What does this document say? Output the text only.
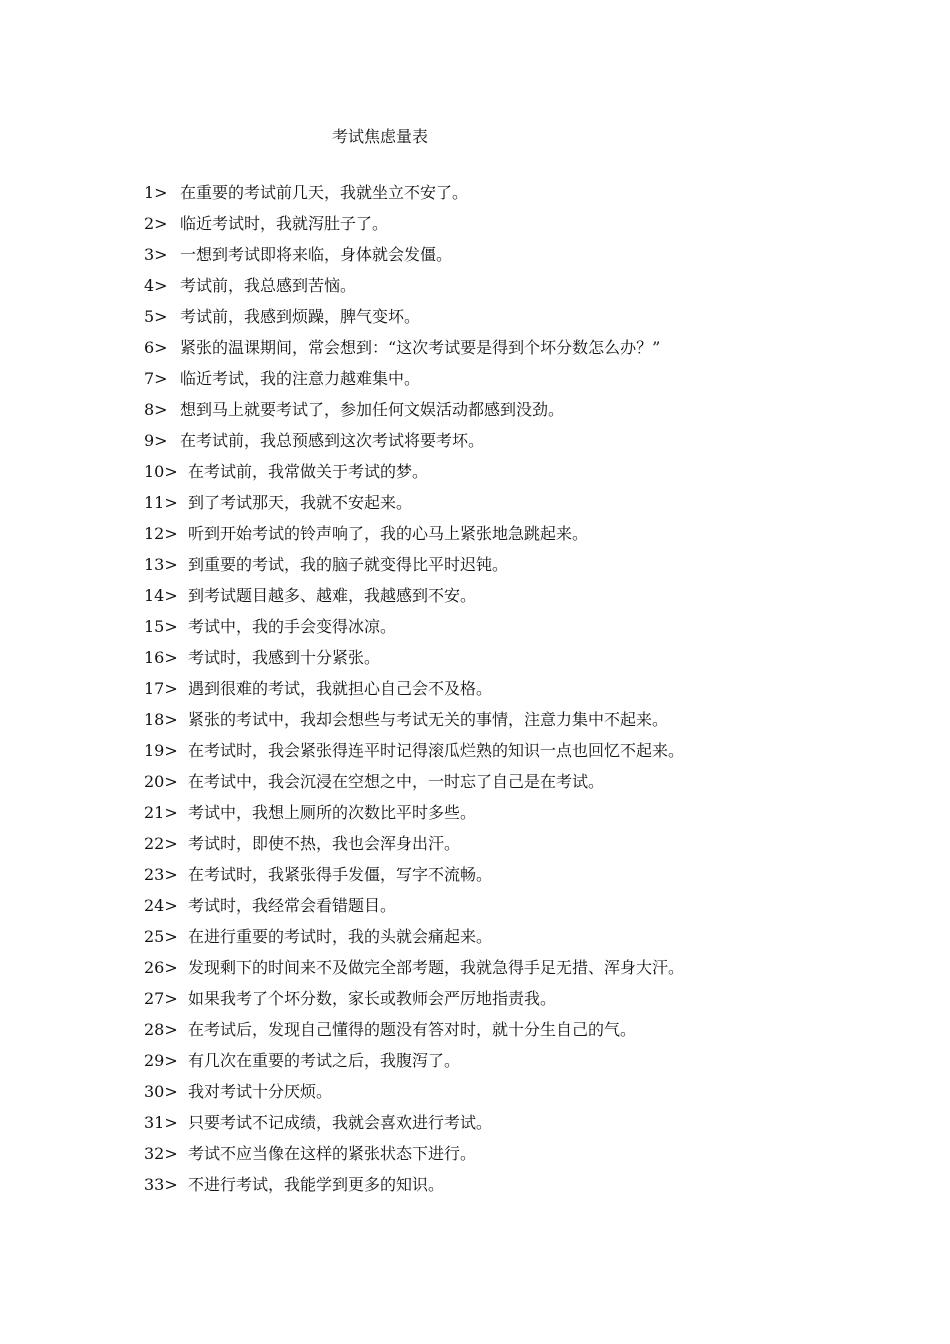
考试焦虑量表
1> 在重要的考试前几天，我就坐立不安了。
2> 临近考试时，我就泻肚子了。
3> 一想到考试即将来临，身体就会发僵。
4> 考试前，我总感到苦恼。
5> 考试前，我感到烦躁，脾气变坏。
6> 紧张的温课期间，常会想到：“这次考试要是得到个坏分数怎么办？”
7> 临近考试，我的注意力越难集中。
8> 想到马上就要考试了，参加任何文娱活动都感到没劲。
9> 在考试前，我总预感到这次考试将要考坏。
10> 在考试前，我常做关于考试的梦。
11> 到了考试那天，我就不安起来。
12> 听到开始考试的铃声响了，我的心马上紧张地急跳起来。
13> 到重要的考试，我的脑子就变得比平时迟钝。
14> 到考试题目越多、越难，我越感到不安。
15> 考试中，我的手会变得冰凉。
16> 考试时，我感到十分紧张。
17> 遇到很难的考试，我就担心自己会不及格。
18> 紧张的考试中，我却会想些与考试无关的事情，注意力集中不起来。
19> 在考试时，我会紧张得连平时记得滚瓜烂熟的知识一点也回忆不起来。
20> 在考试中，我会沉浸在空想之中，一时忘了自己是在考试。
21> 考试中，我想上厕所的次数比平时多些。
22> 考试时，即使不热，我也会浑身出汗。
23> 在考试时，我紧张得手发僵，写字不流畅。
24> 考试时，我经常会看错题目。
25> 在进行重要的考试时，我的头就会痛起来。
26> 发现剩下的时间来不及做完全部考题，我就急得手足无措、浑身大汗。
27> 如果我考了个坏分数，家长或教师会严厉地指责我。
28> 在考试后，发现自己懂得的题没有答对时，就十分生自己的气。
29> 有几次在重要的考试之后，我腹泻了。
30> 我对考试十分厌烦。
31> 只要考试不记成绩，我就会喜欢进行考试。
32> 考试不应当像在这样的紧张状态下进行。
33> 不进行考试，我能学到更多的知识。
